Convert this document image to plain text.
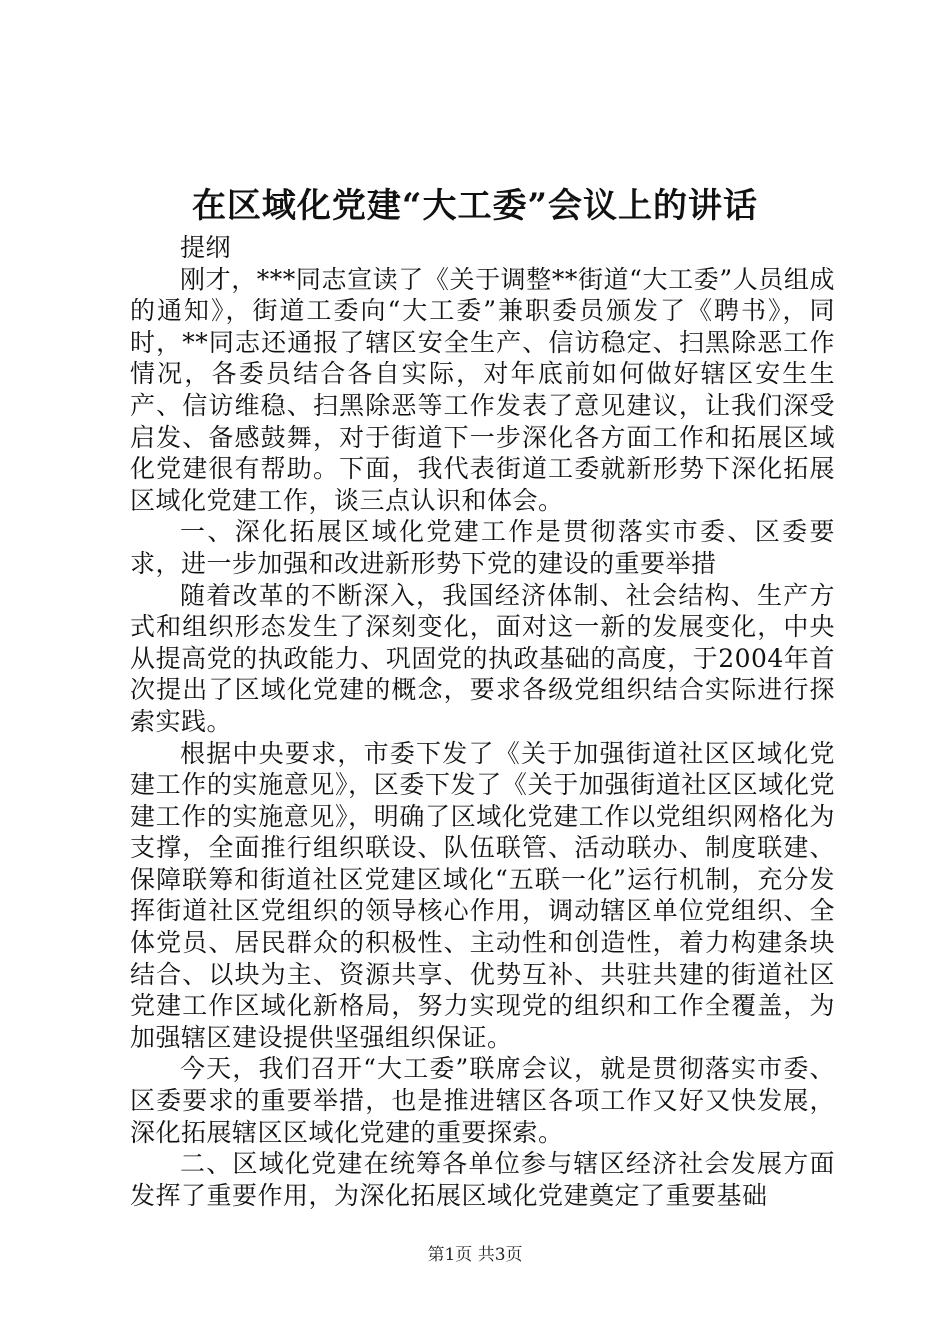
在区域化党建“大工委”会议上的讲话

提纲

刚才，***同志宣读了《关于调整**街道“大工委”人员组成的通知》，街道工委向“大工委”兼职委员颁发了《聘书》，同时，**同志还通报了辖区安全生产、信访稳定、扫黑除恶工作情况，各委员结合各自实际，对年底前如何做好辖区安生生产、信访维稳、扫黑除恶等工作发表了意见建议，让我们深受启发、备感鼓舞，对于街道下一步深化各方面工作和拓展区域化党建很有帮助。下面，我代表街道工委就新形势下深化拓展区域化党建工作，谈三点认识和体会。

一、深化拓展区域化党建工作是贯彻落实市委、区委要求，进一步加强和改进新形势下党的建设的重要举措

随着改革的不断深入，我国经济体制、社会结构、生产方式和组织形态发生了深刻变化，面对这一新的发展变化，中央从提高党的执政能力、巩固党的执政基础的高度，于2004年首次提出了区域化党建的概念，要求各级党组织结合实际进行探索实践。

根据中央要求，市委下发了《关于加强街道社区区域化党建工作的实施意见》，区委下发了《关于加强街道社区区域化党建工作的实施意见》，明确了区域化党建工作以党组织网格化为支撑，全面推行组织联设、队伍联管、活动联办、制度联建、保障联筹和街道社区党建区域化“五联一化”运行机制，充分发挥街道社区党组织的领导核心作用，调动辖区单位党组织、全体党员、居民群众的积极性、主动性和创造性，着力构建条块结合、以块为主、资源共享、优势互补、共驻共建的街道社区党建工作区域化新格局，努力实现党的组织和工作全覆盖，为加强辖区建设提供坚强组织保证。

今天，我们召开“大工委”联席会议，就是贯彻落实市委、区委要求的重要举措，也是推进辖区各项工作又好又快发展，深化拓展辖区区域化党建的重要探索。

二、区域化党建在统筹各单位参与辖区经济社会发展方面发挥了重要作用，为深化拓展区域化党建奠定了重要基础

第1页 共3页
